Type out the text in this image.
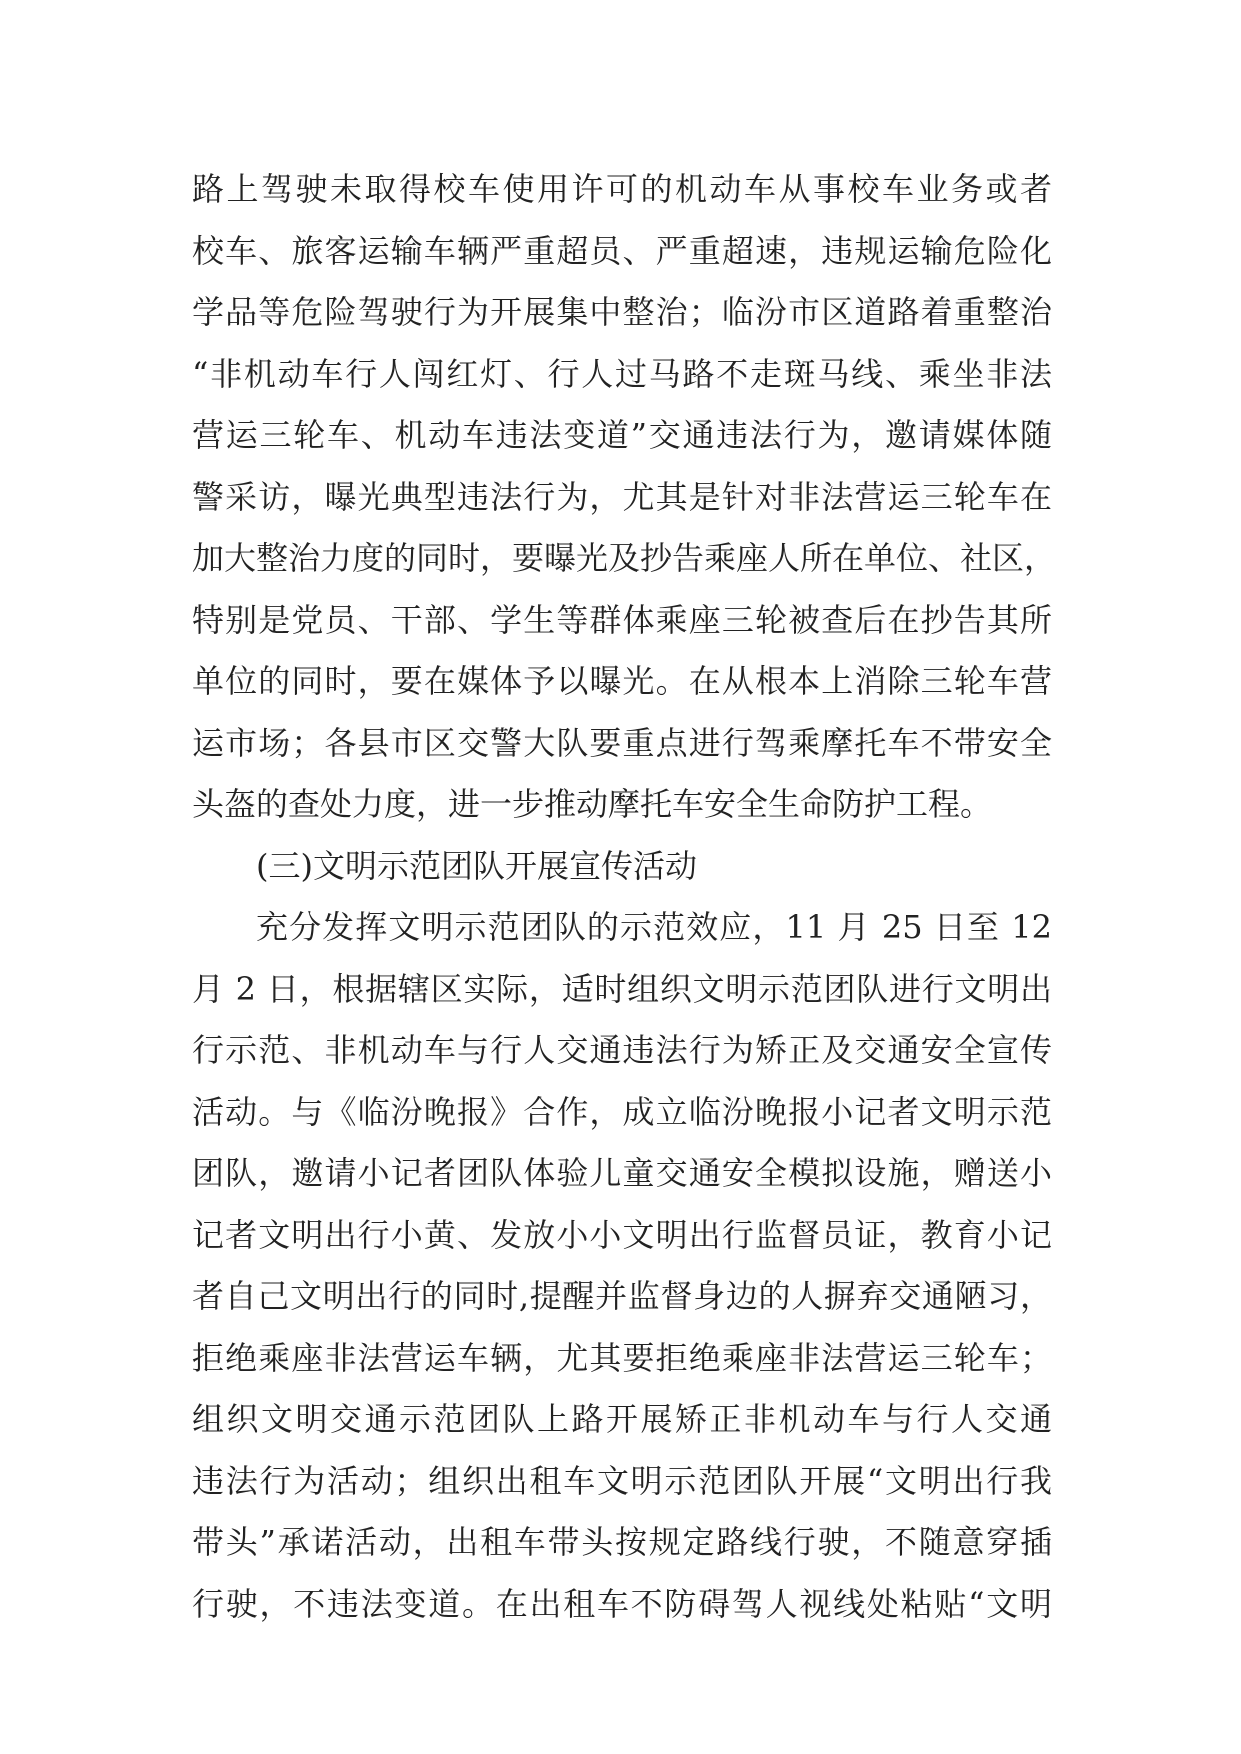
路上驾驶未取得校车使用许可的机动车从事校车业务或者
校车、旅客运输车辆严重超员、严重超速，违规运输危险化
学品等危险驾驶行为开展集中整治；临汾市区道路着重整治
“非机动车行人闯红灯、行人过马路不走斑马线、乘坐非法
营运三轮车、机动车违法变道”交通违法行为，邀请媒体随
警采访，曝光典型违法行为，尤其是针对非法营运三轮车在
加大整治力度的同时，要曝光及抄告乘座人所在单位、社区，
特别是党员、干部、学生等群体乘座三轮被查后在抄告其所
单位的同时，要在媒体予以曝光。在从根本上消除三轮车营
运市场；各县市区交警大队要重点进行驾乘摩托车不带安全
头盔的查处力度，进一步推动摩托车安全生命防护工程。
(三)文明示范团队开展宣传活动
充分发挥文明示范团队的示范效应，11 月 25 日至 12
月 2 日，根据辖区实际，适时组织文明示范团队进行文明出
行示范、非机动车与行人交通违法行为矫正及交通安全宣传
活动。与《临汾晚报》合作，成立临汾晚报小记者文明示范
团队，邀请小记者团队体验儿童交通安全模拟设施，赠送小
记者文明出行小黄、发放小小文明出行监督员证，教育小记
者自己文明出行的同时,提醒并监督身边的人摒弃交通陋习，
拒绝乘座非法营运车辆，尤其要拒绝乘座非法营运三轮车；
组织文明交通示范团队上路开展矫正非机动车与行人交通
违法行为活动；组织出租车文明示范团队开展“文明出行我
带头”承诺活动，出租车带头按规定路线行驶，不随意穿插
行驶，不违法变道。在出租车不防碍驾人视线处粘贴“文明
